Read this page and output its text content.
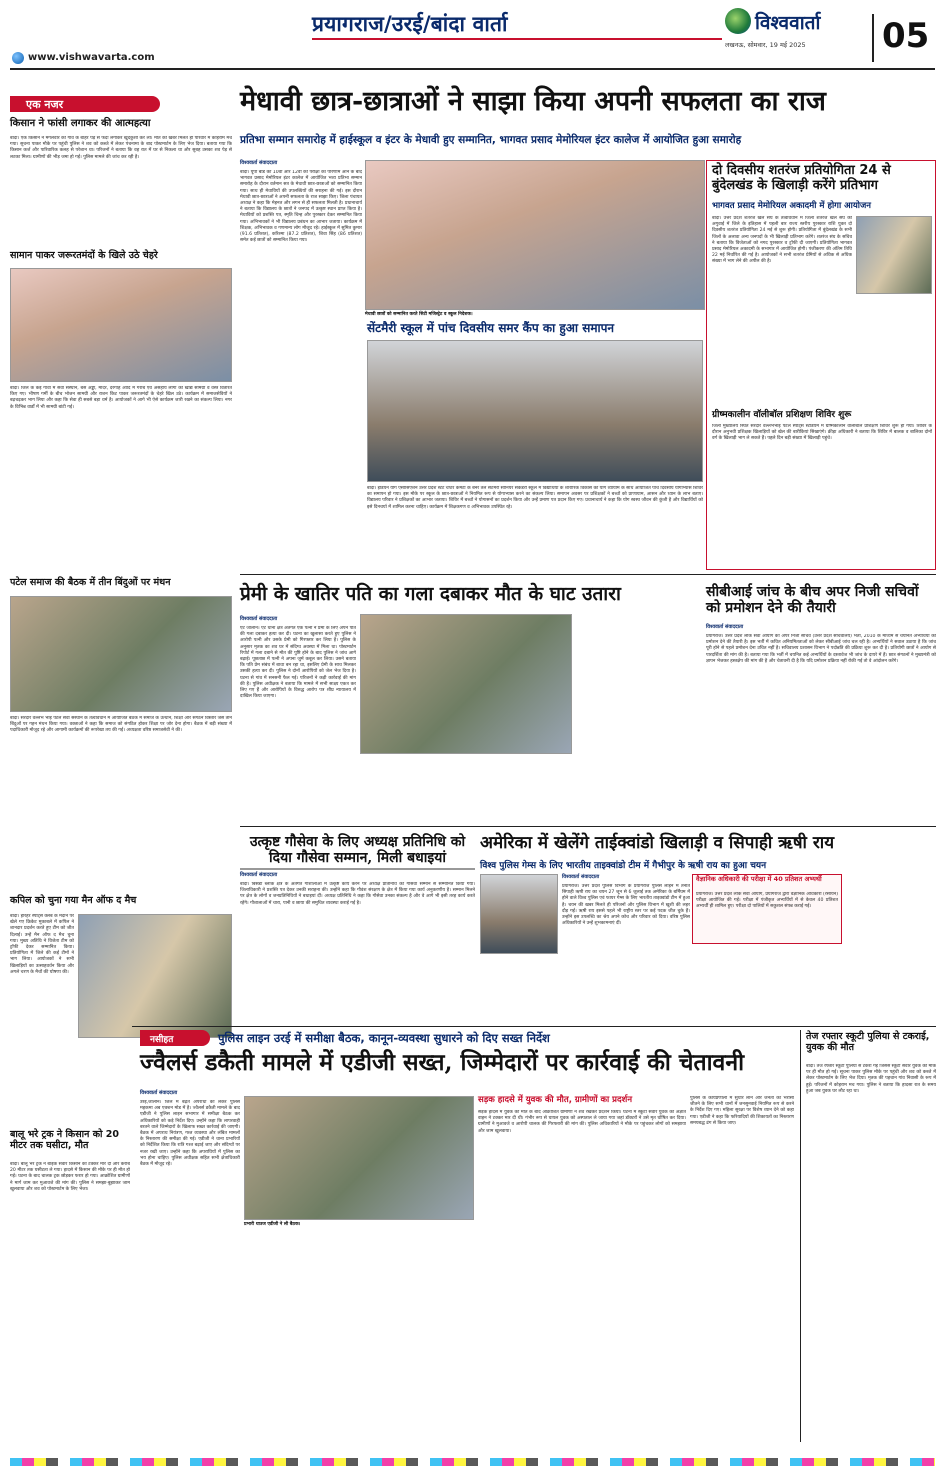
प्रयागराज/उरई/बांदा वार्ता	विश्ववार्ता
लखनऊ, सोमवार, 19 मई 2025 05
www.vishwavarta.com
एक नजर
किसान ने फांसी लगाकर की आत्महत्या
बांदा। एक किसान ने मंगलवार को गांव के बाहर पेड़ से फंदा लगाकर खुदकुशी कर ली। मौत की खबर मिलते ही परिवार में कोहराम मच गया। सूचना पाकर मौके पर पहुंची पुलिस ने शव को कब्जे में लेकर पंचनामा के बाद पोस्टमार्टम के लिए भेज दिया। बताया गया कि किसान कर्ज और पारिवारिक कलह से परेशान था। परिजनों ने बताया कि वह रात में घर से निकला था और सुबह उसका शव पेड़ से लटका मिला। ग्रामीणों की भीड़ जमा हो गई। पुलिस मामले की जांच कर रही है।
सामान पाकर जरूरतमंदों के खिले उठे चेहरे
बांदा। जिले के कई गांवों में सेवा संस्थान, बस अड्डा, मंदिर, दरगाह आदि में गरीब एवं असहाय लोगों को खाद्य सामग्री व वस्त्र वितरित किए गए। भीषण गर्मी के बीच भोजन सामग्री और राशन किट पाकर जरूरतमंदों के चेहरे खिल उठे। कार्यक्रम में समाजसेवियों ने बढ़चढ़कर भाग लिया और कहा कि सेवा ही सबसे बड़ा धर्म है। आयोजकों ने आगे भी ऐसे कार्यक्रम जारी रखने का संकल्प लिया। नगर के विभिन्न वार्डों में भी सामग्री बांटी गई।
पटेल समाज की बैठक में तीन बिंदुओं पर मंथन
बांदा। सरदार वल्लभ भाई पटेल सेवा संस्थान के तत्वावधान में आयोजित बैठक में समाज के उत्थान, शिक्षा और संगठन विस्तार जैसे तीन बिंदुओं पर गहन मंथन किया गया। वक्ताओं ने कहा कि समाज को संगठित होकर शिक्षा पर जोर देना होगा। बैठक में बड़ी संख्या में पदाधिकारी मौजूद रहे और आगामी कार्यक्रमों की रूपरेखा तय की गई। अध्यक्षता वरिष्ठ समाजसेवी ने की।
कपिल को चुना गया मैन ऑफ द मैच
बांदा। हरिहर स्पोर्ट्स क्लब के मैदान पर खेले गए क्रिकेट मुकाबले में कपिल ने शानदार प्रदर्शन करते हुए टीम को जीत दिलाई। उन्हें मैन ऑफ द मैच चुना गया। मुख्य अतिथि ने विजेता टीम को ट्रॉफी देकर सम्मानित किया। प्रतियोगिता में जिले की कई टीमों ने भाग लिया। आयोजकों ने सभी खिलाड़ियों का उत्साहवर्धन किया और अगले चरण के मैचों की घोषणा की।
बालू भरे ट्रक ने किसान को 20 मीटर तक घसीटा, मौत
बांदा। बालू भरे ट्रक ने बाइक सवार किसान को टक्कर मार दी और करीब 20 मीटर तक घसीटता ले गया। हादसे में किसान की मौके पर ही मौत हो गई। घटना के बाद चालक ट्रक छोड़कर फरार हो गया। आक्रोशित ग्रामीणों ने मार्ग जाम कर मुआवजे की मांग की। पुलिस ने समझा-बुझाकर जाम खुलवाया और शव को पोस्टमार्टम के लिए भेजा।
मेधावी छात्र-छात्राओं ने साझा किया अपनी सफलता का राज
प्रतिभा सम्मान समारोह में हाईस्कूल व इंटर के मेधावी हुए सम्मानित, भागवत प्रसाद मेमोरियल इंटर कालेज में आयोजित हुआ समारोह
विश्ववार्ता संवाददाता
बांदा। यूपी बोर्ड की 10वीं और 12वीं की परीक्षा का परिणाम आने के बाद भागवत प्रसाद मेमोरियल इंटर कालेज में आयोजित भव्य प्रतिभा सम्मान समारोह के दौरान वर्तमान सत्र के मेधावी छात्र-छात्राओं को सम्मानित किया गया। साथ ही मेधावियों की उपलब्धियों की सराहना की गई। इस दौरान मेधावी छात्र-छात्राओं ने अपनी सफलता के राज साझा किए। जिला पंचायत अध्यक्ष ने कहा कि मेहनत और लगन से ही सफलता मिलती है। प्रधानाचार्य ने बताया कि विद्यालय के छात्रों ने जनपद में उत्कृष्ट स्थान प्राप्त किया है। मेधावियों को प्रशस्ति पत्र, स्मृति चिन्ह और पुरस्कार देकर सम्मानित किया गया। अभिभावकों ने भी विद्यालय प्रबंधन का आभार जताया। कार्यक्रम में शिक्षक, अभिभावक व गणमान्य लोग मौजूद रहे। हाईस्कूल में सुमित कुमार (91.6 प्रतिशत), करिश्मा (87.2 प्रतिशत), शिवा सिंह (86 प्रतिशत) समेत कई छात्रों को सम्मानित किया गया।
मेधावी छात्रों को सम्मानित करते सिटी मजिस्ट्रेट व स्कूल निदेशक।
सेंटमैरी स्कूल में पांच दिवसीय समर कैंप का हुआ समापन
बांदा। इंडियन योग एसोसिएशन उत्तर प्रदेश स्टेट चैप्टर कमेटी के बैनर तले सेंटमैरी सीनियर सेकेंडरी स्कूल में विद्यार्थियों के शारीरिक विकास को योग व्यायाम के साथ आयोजित पांच दिवसीय योगाभ्यास शिविर का समापन हो गया। इस मौके पर स्कूल के छात्र-छात्राओं ने नियमित रूप से योगाभ्यास करने का संकल्प लिया। समापन अवसर पर प्रशिक्षकों ने बच्चों को प्राणायाम, आसन और ध्यान के लाभ बताए। विद्यालय परिवार ने प्रशिक्षकों का आभार जताया। शिविर में बच्चों ने योगासनों का प्रदर्शन किया और उन्हें प्रमाण पत्र प्रदान किए गए। प्रधानाचार्य ने कहा कि योग स्वस्थ जीवन की कुंजी है और विद्यार्थियों को इसे दिनचर्या में शामिल करना चाहिए। कार्यक्रम में शिक्षकगण व अभिभावक उपस्थित रहे।
दो दिवसीय शतरंज प्रतियोगिता 24 से बुंदेलखंड के खिलाड़ी करेंगे प्रतिभाग
भागवत प्रसाद मेमोरियल अकादमी में होगा आयोजन
बांदा। उत्तर प्रदेश शतरंज खेल संघ के तत्वावधान में जिला शतरंज खेल संघ की अगुवाई में जिले के इतिहास में पहली बार राज्य स्तरीय पुरस्कार राशि युक्त दो दिवसीय शतरंज प्रतियोगिता 24 मई से शुरू होगी। प्रतियोगिता में बुंदेलखंड के सभी जिलों के अलावा अन्य जनपदों के भी खिलाड़ी प्रतिभाग करेंगे। शतरंज संघ के सचिव ने बताया कि विजेताओं को नगद पुरस्कार व ट्रॉफी दी जाएगी। प्रतियोगिता भागवत प्रसाद मेमोरियल अकादमी के सभागार में आयोजित होगी। पंजीकरण की अंतिम तिथि 22 मई निर्धारित की गई है। आयोजकों ने सभी शतरंज प्रेमियों से अधिक से अधिक संख्या में भाग लेने की अपील की है।
ग्रीष्मकालीन वॉलीबॉल प्रशिक्षण शिविर शुरू
जिला मुख्यालय स्थित सरदार वल्लभभाई पटेल स्पोर्ट्स स्टेडियम में ग्रीष्मकालीन वॉलीबॉल प्रशिक्षण शिविर शुरू हो गया। शिविर के दौरान अनुभवी प्रशिक्षक खिलाड़ियों को खेल की बारीकियां सिखाएंगे। क्रीड़ा अधिकारी ने बताया कि शिविर में बालक व बालिका दोनों वर्ग के खिलाड़ी भाग ले सकते हैं। पहले दिन बड़ी संख्या में खिलाड़ी पहुंचे।
प्रेमी के खातिर पति का गला दबाकर मौत के घाट उतारा
विश्ववार्ता संवाददाता
ऐट जालौन। ऐट थाना क्षेत्र अंतर्गत एक पत्नी ने प्रेमी के लिए अपने पति की गला दबाकर हत्या कर दी। घटना का खुलासा करते हुए पुलिस ने आरोपी पत्नी और उसके प्रेमी को गिरफ्तार कर लिया है। पुलिस के अनुसार मृतक का शव घर में संदिग्ध अवस्था में मिला था। पोस्टमार्टम रिपोर्ट में गला दबाने से मौत की पुष्टि होने के बाद पुलिस ने जांच आगे बढ़ाई। पूछताछ में पत्नी ने अपना जुर्म कबूल कर लिया। उसने बताया कि पति प्रेम संबंध में बाधा बन रहा था, इसलिए प्रेमी के साथ मिलकर उसकी हत्या कर दी। पुलिस ने दोनों आरोपियों को जेल भेज दिया है। घटना से गांव में सनसनी फैल गई। परिजनों ने कड़ी कार्रवाई की मांग की है। पुलिस अधीक्षक ने बताया कि मामले में सभी साक्ष्य एकत्र कर लिए गए हैं और आरोपियों के विरुद्ध आरोप पत्र शीघ्र न्यायालय में दाखिल किया जाएगा।
सीबीआई जांच के बीच अपर निजी सचिवों को प्रमोशन देने की तैयारी
विश्ववार्ता संवाददाता
प्रयागराज। उत्तर प्रदेश लोक सेवा आयोग की अपर निजी सचिव (उत्तर प्रदेश सचिवालय) भर्ती, 2010 के माध्यम से चयनित अभ्यर्थियों को प्रमोशन देने की तैयारी है। इस भर्ती में कथित अनियमितताओं को लेकर सीबीआई जांच चल रही है। अभ्यर्थियों ने सवाल उठाया है कि जांच पूरी होने से पहले प्रमोशन देना उचित नहीं है। सचिवालय प्रशासन विभाग ने पदोन्नति की प्रक्रिया शुरू कर दी है। प्रतियोगी छात्रों ने आयोग से पारदर्शिता की मांग की है। बताया गया कि भर्ती में चयनित कई अभ्यर्थियों के दस्तावेज भी जांच के दायरे में हैं। छात्र संगठनों ने मुख्यमंत्री को ज्ञापन भेजकर हस्तक्षेप की मांग की है और चेतावनी दी है कि यदि प्रमोशन प्रक्रिया नहीं रोकी गई तो वे आंदोलन करेंगे।
उत्कृष्ट गौसेवा के लिए अध्यक्ष प्रतिनिधि को दिया गौसेवा सम्मान, मिली बधाइयां
विश्ववार्ता संवाददाता
बांदा। बिसंडा ब्लॉक क्षेत्र के अंतर्गत गौशालाओं में उत्कृष्ट कार्य करने पर अध्यक्ष प्रतिनिधि को गौसेवा सम्मान से सम्मानित किया गया। जिलाधिकारी ने प्रशस्ति पत्र देकर उनकी सराहना की। उन्होंने कहा कि गौवंश संरक्षण के क्षेत्र में किया गया कार्य अनुकरणीय है। सम्मान मिलने पर क्षेत्र के लोगों व जनप्रतिनिधियों ने बधाइयां दीं। अध्यक्ष प्रतिनिधि ने कहा कि गौसेवा उनका संकल्प है और वे आगे भी इसी तरह कार्य करते रहेंगे। गौशालाओं में चारा, पानी व छाया की समुचित व्यवस्था कराई गई है।
अमेरिका में खेलेंगे ताईक्वांडो खिलाड़ी व सिपाही ऋषी राय
विश्व पुलिस गेम्स के लिए भारतीय ताइक्वांडो टीम में गैभीपुर के ऋषी राय का हुआ चयन
विश्ववार्ता संवाददाता
प्रयागराज। उत्तर प्रदेश पुलिस विभाग के प्रयागराज पुलिस लाइन में तैनात सिपाही ऋषी राय का चयन 27 जून से 6 जुलाई तक अमेरिका के बर्मिंघम में होने वाले विश्व पुलिस एवं फायर गेम्स के लिए भारतीय ताइक्वांडो टीम में हुआ है। चयन की खबर मिलते ही परिजनों और पुलिस विभाग में खुशी की लहर दौड़ गई। ऋषी राय इससे पहले भी राष्ट्रीय स्तर पर कई पदक जीत चुके हैं। उन्होंने इस उपलब्धि का श्रेय अपने कोच और परिवार को दिया। वरिष्ठ पुलिस अधिकारियों ने उन्हें शुभकामनाएं दीं।
वैज्ञानिक अधिकारी की परीक्षा में 40 प्रतिशत अभ्यर्थी
प्रयागराज। उत्तर प्रदेश लोक सेवा आयोग, प्रयागराज द्वारा वैज्ञानिक अधिकारी (रसायन) परीक्षा आयोजित की गई। परीक्षा में पंजीकृत अभ्यर्थियों में से केवल 40 प्रतिशत अभ्यर्थी ही शामिल हुए। परीक्षा दो पालियों में सकुशल संपन्न कराई गई।
नसीहत	पुलिस लाइन उरई में समीक्षा बैठक, कानून-व्यवस्था सुधारने को दिए सख्त निर्देश
ज्वैलर्स डकैती मामले में एडीजी सख्त, जिम्मेदारों पर कार्रवाई की चेतावनी
विश्ववार्ता संवाददाता
उरई,जालौन। जिले में बढ़ते अपराधों को लेकर पुलिस महकमा अब एक्शन मोड में है। ज्वैलर्स डकैती मामले के बाद एडीजी ने पुलिस लाइन सभागार में समीक्षा बैठक कर अधिकारियों को कड़े निर्देश दिए। उन्होंने कहा कि लापरवाही बरतने वाले जिम्मेदारों के खिलाफ सख्त कार्रवाई की जाएगी। बैठक में अपराध नियंत्रण, गश्त व्यवस्था और लंबित मामलों के निस्तारण की समीक्षा की गई। एडीजी ने थाना प्रभारियों को निर्देशित किया कि रात्रि गश्त बढ़ाई जाए और संदिग्धों पर नजर रखी जाए। उन्होंने कहा कि अपराधियों में पुलिस का भय होना चाहिए। पुलिस अधीक्षक सहित सभी क्षेत्राधिकारी बैठक में मौजूद रहे।
प्रभारी थाउज एडीजी ने ली बैठक।
सड़क हादसे में युवक की मौत, ग्रामीणों का प्रदर्शन
सड़क हादसे में युवक की मौत के बाद आक्रोशित ग्रामीणों ने शव रखकर प्रदर्शन किया। घटना में स्कूटी सवार युवक को अज्ञात वाहन ने टक्कर मार दी थी। गंभीर रूप से घायल युवक को अस्पताल ले जाया गया जहां डॉक्टरों ने उसे मृत घोषित कर दिया। ग्रामीणों ने मुआवजे व आरोपी चालक की गिरफ्तारी की मांग की। पुलिस अधिकारियों ने मौके पर पहुंचकर लोगों को समझाया और जाम खुलवाया।
पुलिस के कार्यप्रणाली में सुधार लाने और जनता का भरोसा जीतने के लिए सभी थानों में जनसुनवाई नियमित रूप से करने के निर्देश दिए गए। महिला सुरक्षा पर विशेष ध्यान देने को कहा गया। एडीजी ने कहा कि फरियादियों की शिकायतों का निस्तारण समयबद्ध ढंग से किया जाए।
तेज रफ्तार स्कूटी पुलिया से टकराई, युवक की मौत
बांदा। तेज रफ्तार स्कूटी पुलिया से टकरा गई जिससे स्कूटी सवार युवक की मौके पर ही मौत हो गई। सूचना पाकर पुलिस मौके पर पहुंची और शव को कब्जे में लेकर पोस्टमार्टम के लिए भेज दिया। मृतक की पहचान गांव निवासी के रूप में हुई। परिजनों में कोहराम मच गया। पुलिस ने बताया कि हादसा रात के समय हुआ जब युवक घर लौट रहा था।
